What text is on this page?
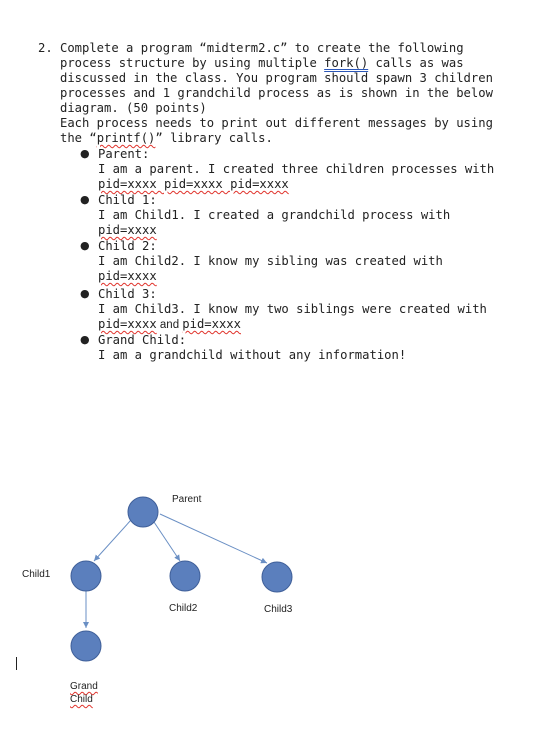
2. Complete a program “midterm2.c” to create the following
process structure by using multiple fork() calls as was
discussed in the class. You program should spawn 3 children
processes and 1 grandchild process as is shown in the below
diagram. (50 points)
Each process needs to print out different messages by using
the “printf()” library calls.
● Parent:
I am a parent. I created three children processes with
pid=xxxx pid=xxxx pid=xxxx
● Child 1:
I am Child1. I created a grandchild process with
pid=xxxx
● Child 2:
I am Child2. I know my sibling was created with
pid=xxxx
● Child 3:
I am Child3. I know my two siblings were created with
pid=xxxx and pid=xxxx
● Grand Child:
I am a grandchild without any information!
Parent
Child1
Child2	Child3
Grand
Child
